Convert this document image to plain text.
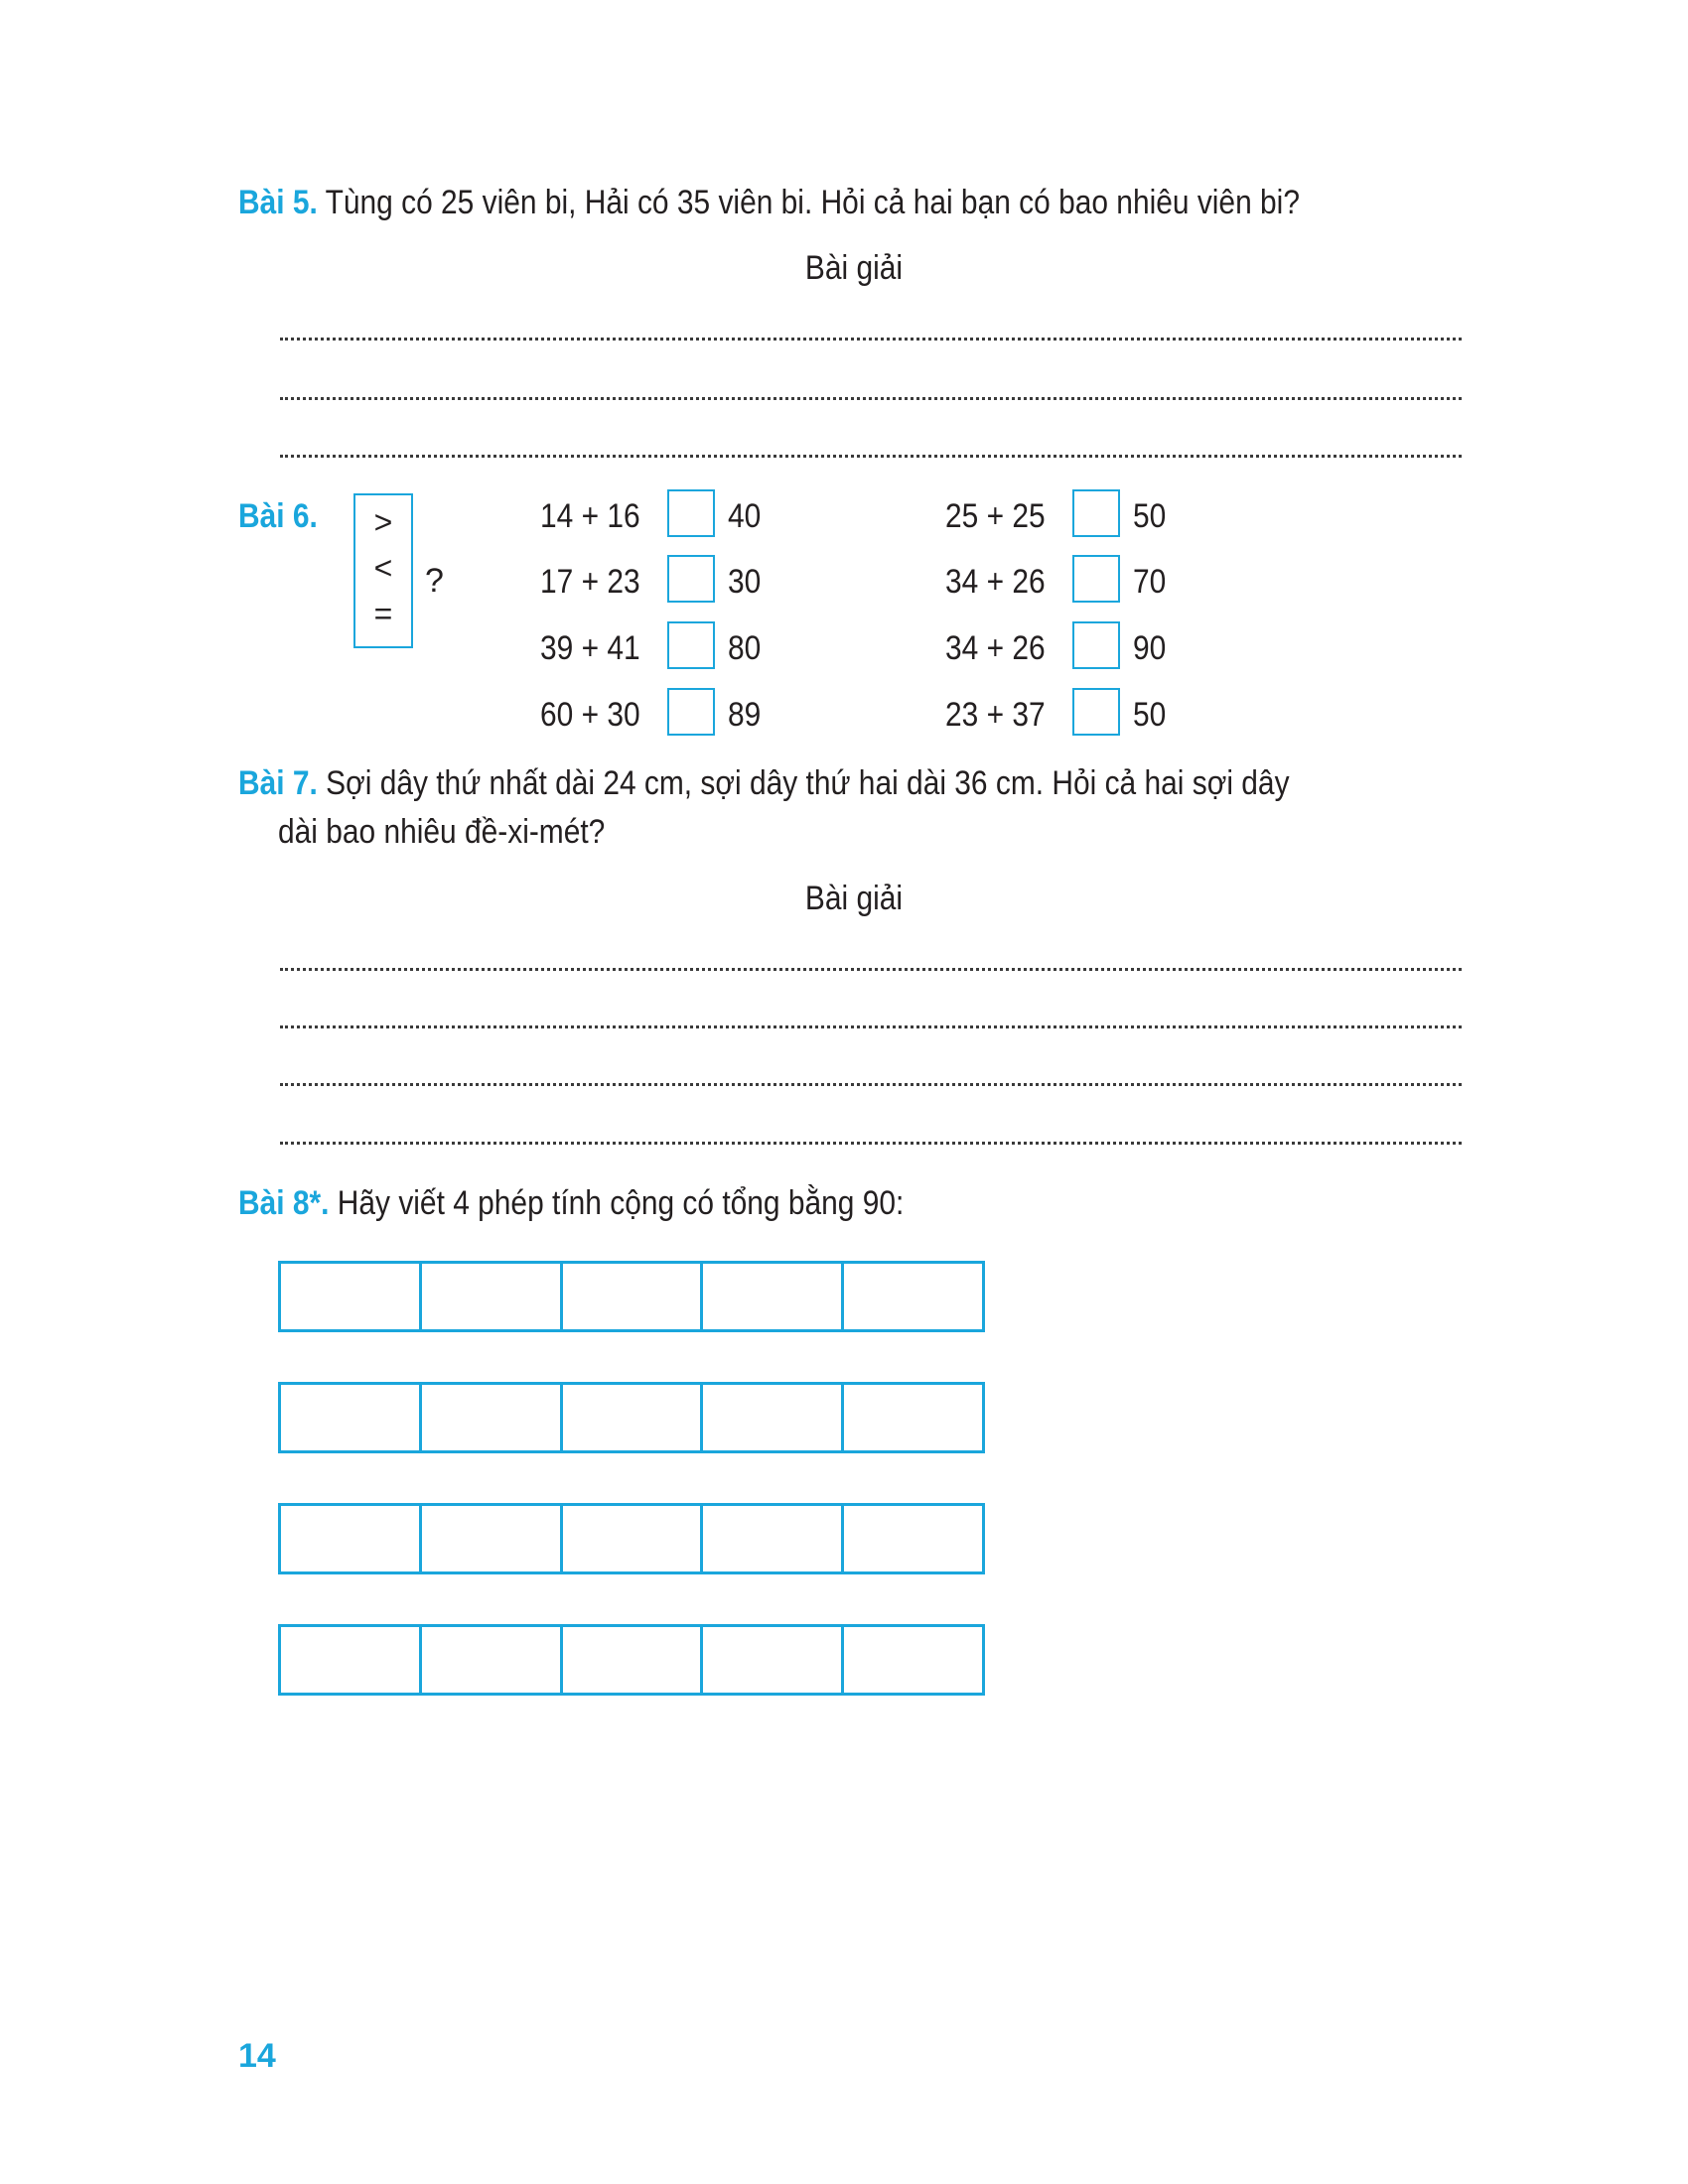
Bài 5. Tùng có 25 viên bi, Hải có 35 viên bi. Hỏi cả hai bạn có bao nhiêu viên bi?
Bài giải
Bài 6.	>
<
=
?
14 + 16	40
17 + 23	30
39 + 41	80
60 + 30	89
25 + 25	50
34 + 26	70
34 + 26	90
23 + 37	50
Bài 7. Sợi dây thứ nhất dài 24 cm, sợi dây thứ hai dài 36 cm. Hỏi cả hai sợi dây
dài bao nhiêu đề-xi-mét?
Bài giải
Bài 8*. Hãy viết 4 phép tính cộng có tổng bằng 90:
14
